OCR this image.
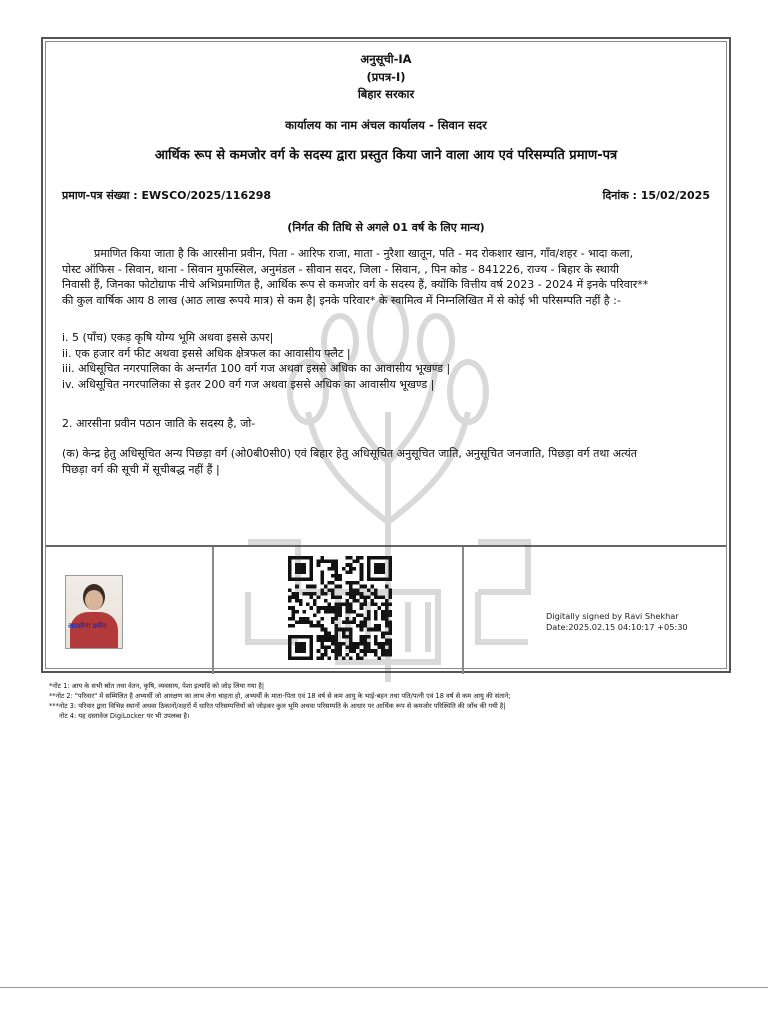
अनुसूची-IA
(प्रपत्र-I)
बिहार सरकार
कार्यालय का नाम अंचल कार्यालय - सिवान सदर
आर्थिक रूप से कमजोर वर्ग के सदस्य द्वारा प्रस्तुत किया जाने वाला आय एवं परिसम्पति प्रमाण-पत्र
प्रमाण-पत्र संख्या : EWSCO/2025/116298	दिनांक : 15/02/2025
(निर्गत की तिथि से अगले 01 वर्ष के लिए मान्य)
प्रमाणित किया जाता है कि आरसीना प्रवीन, पिता - आरिफ राजा, माता - नुरैशा खातून, पति - मद रोकशार खान, गाँव/शहर - भादा कला,
पोस्ट ऑफिस - सिवान, थाना - सिवान मुफस्सिल, अनुमंडल - सीवान सदर, जिला - सिवान, , पिन कोड - 841226, राज्य - बिहार के स्थायी
निवासी हैं, जिनका फोटोग्राफ नीचे अभिप्रमाणित है, आर्थिक रूप से कमजोर वर्ग के सदस्य हैं, क्योंकि वित्तीय वर्ष 2023 - 2024 में इनके परिवार**
की कुल वार्षिक आय 8 लाख (आठ लाख रूपये मात्र) से कम है| इनके परिवार* के स्वामित्व में निम्नलिखित में से कोई भी परिसम्पति नहीं है :-
i. 5 (पाँच) एकड़ कृषि योग्य भूमि अथवा इससे ऊपर|
ii. एक हजार वर्ग फीट अथवा इससे अधिक क्षेत्रफल का आवासीय फ्लैट |
iii. अधिसूचित नगरपालिका के अन्तर्गत 100 वर्ग गज अथवा इससे अधिक का आवासीय भूखण्ड |
iv. अधिसूचित नगरपालिका से इतर 200 वर्ग गज अथवा इससे अधिक का आवासीय भूखण्ड |
2. आरसीना प्रवीन पठान जाति के सदस्य है, जो-
(क) केन्द्र हेतु अधिसूचित अन्य पिछड़ा वर्ग (ओ0बी0सी0) एवं बिहार हेतु अधिसूचित अनुसूचित जाति, अनुसूचित जनजाति, पिछड़ा वर्ग तथा अत्यंत
पिछड़ा वर्ग की सूची में सूचीबद्ध नहीं हैं |
आरसीना प्रवीन
Digitally signed by Ravi Shekhar
Date:2025.02.15 04:10:17 +05:30
*नोट 1: आय के सभी स्रोत तथा वेतन, कृषि, व्यवसाय, पेशा इत्यादि को जोड़ लिया गया है|
**नोट 2: "परिवार" में सम्मिलित है अभ्यर्थी जो आरक्षण का लाभ लेना चाहता हो, अभ्यर्थी के माता-पिता एवं 18 वर्ष से कम आयु के भाई-बहन तथा पति/पत्नी एवं 18 वर्ष से कम आयु की संताने;
***नोट 3: परिवार द्वारा विभिन्न स्थानों अथवा ठिकानों/शहरों में धारित परिसम्पत्तियों को जोड़कर कुल भूमि अथवा परिसम्पति के आधार पर आर्थिक रूप से कमजोर परिस्थिति की जाँच की गयी है|
नोट 4: यह दस्तावेज DigiLocker पर भी उपलब्ध है।
